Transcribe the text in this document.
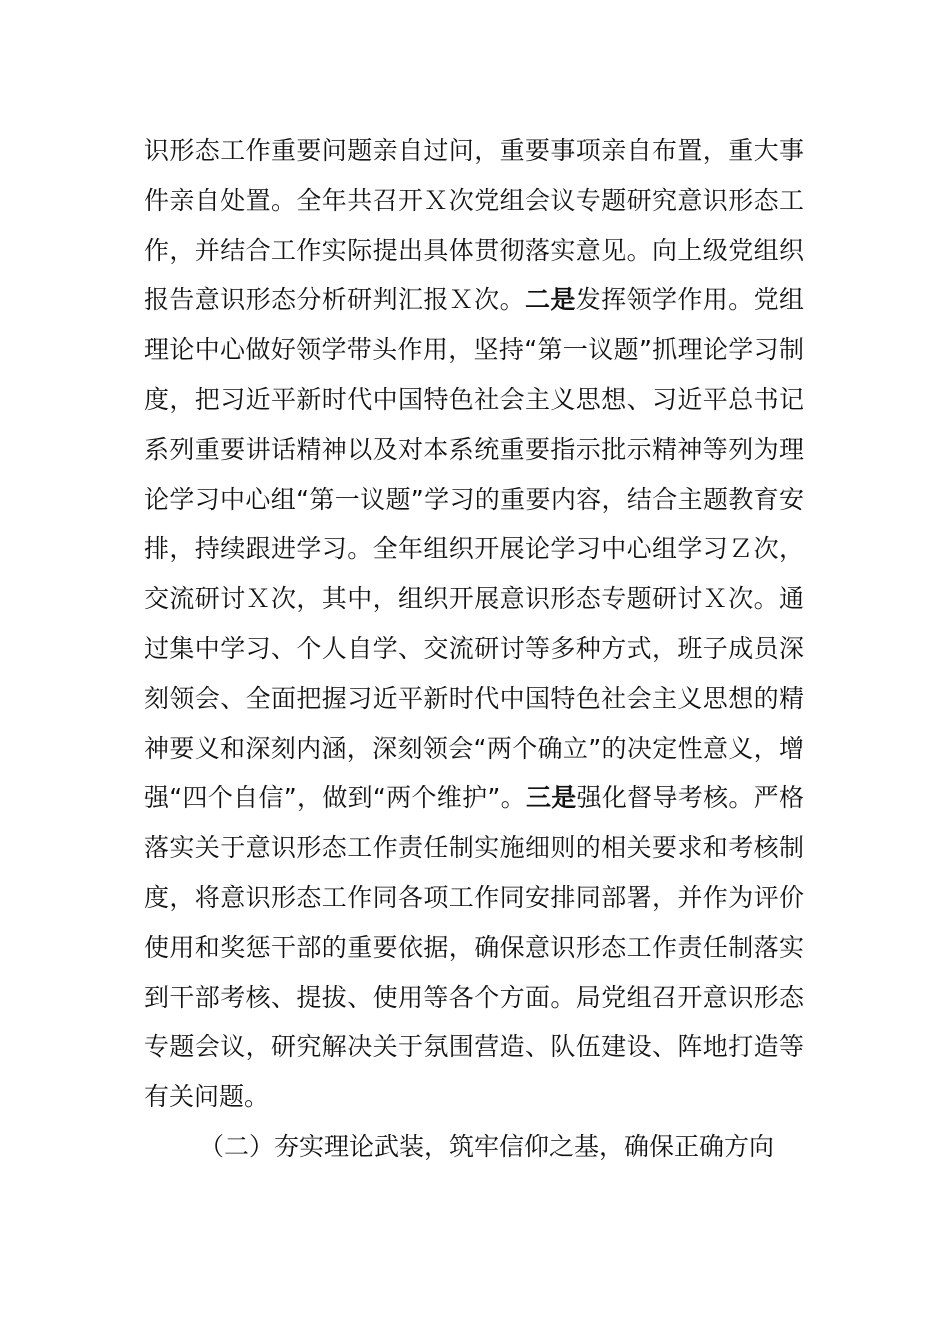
识形态工作重要问题亲自过问，重要事项亲自布置，重大事件亲自处置。全年共召开Ｘ次党组会议专题研究意识形态工作，并结合工作实际提出具体贯彻落实意见。向上级党组织报告意识形态分析研判汇报Ｘ次。二是发挥领学作用。党组理论中心做好领学带头作用，坚持“第一议题”抓理论学习制度，把习近平新时代中国特色社会主义思想、习近平总书记系列重要讲话精神以及对本系统重要指示批示精神等列为理论学习中心组“第一议题”学习的重要内容，结合主题教育安排，持续跟进学习。全年组织开展论学习中心组学习Ｚ次，交流研讨Ｘ次，其中，组织开展意识形态专题研讨Ｘ次。通过集中学习、个人自学、交流研讨等多种方式，班子成员深刻领会、全面把握习近平新时代中国特色社会主义思想的精神要义和深刻内涵，深刻领会“两个确立”的决定性意义，增强“四个自信”，做到“两个维护”。三是强化督导考核。严格落实关于意识形态工作责任制实施细则的相关要求和考核制度，将意识形态工作同各项工作同安排同部署，并作为评价使用和奖惩干部的重要依据，确保意识形态工作责任制落实到干部考核、提拔、使用等各个方面。局党组召开意识形态专题会议，研究解决关于氛围营造、队伍建设、阵地打造等有关问题。

（二）夯实理论武装，筑牢信仰之基，确保正确方向
